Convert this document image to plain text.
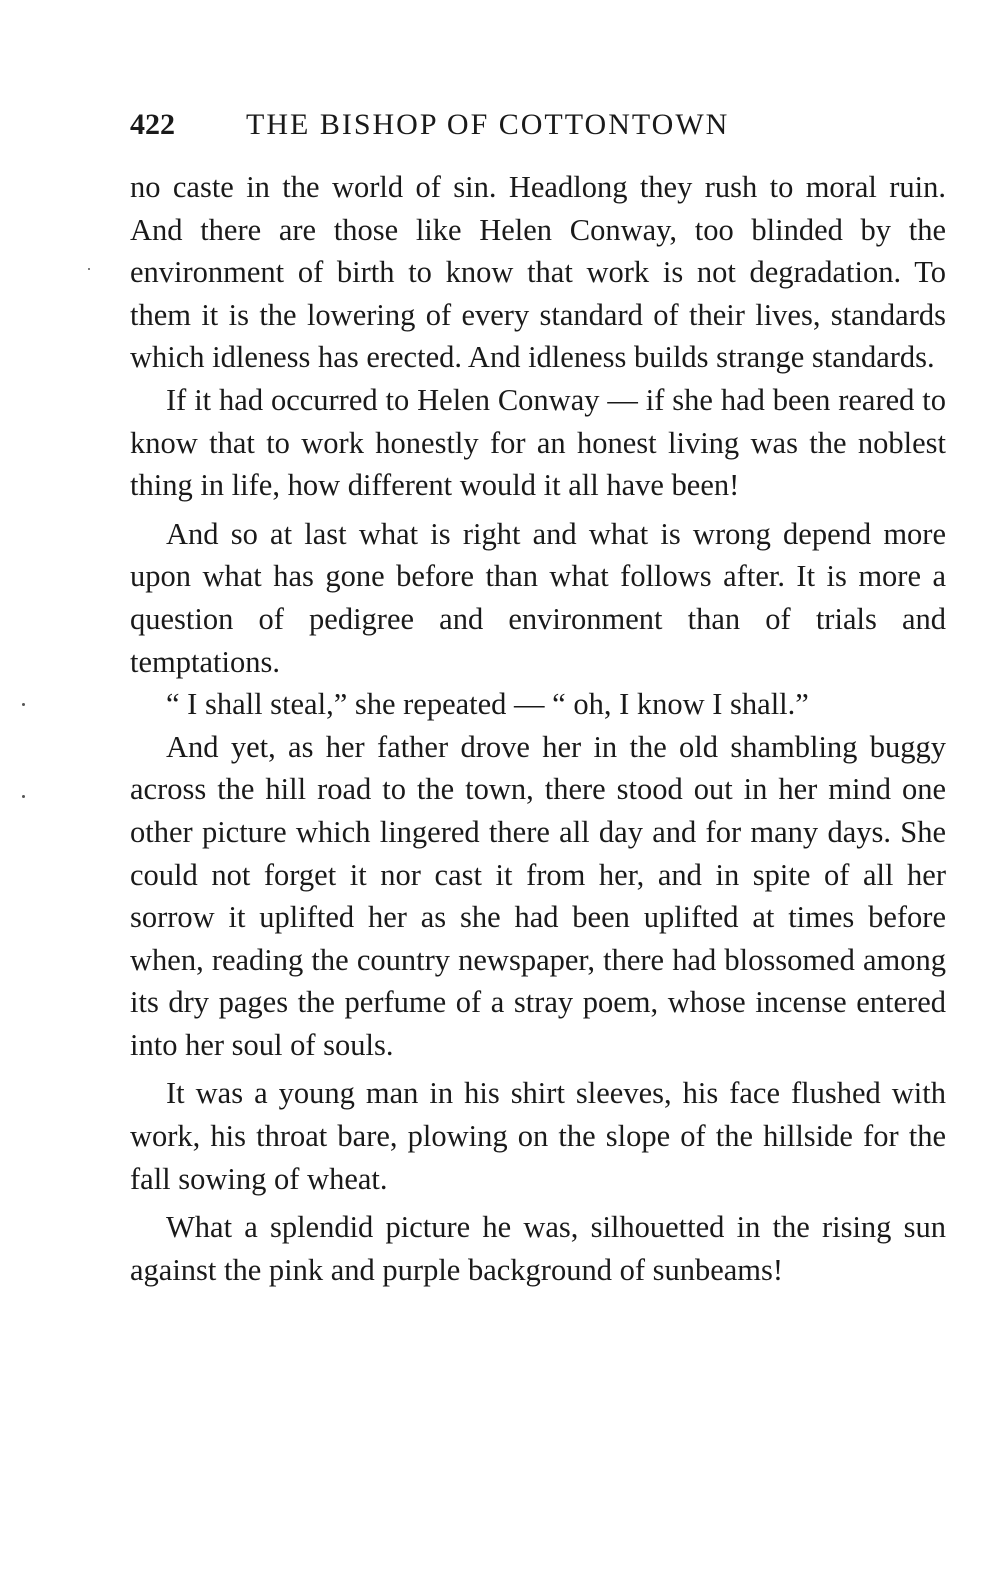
422	THE BISHOP OF COTTONTOWN

no caste in the world of sin. Headlong they rush to moral ruin. And there are those like Helen Conway, too blinded by the environment of birth to know that work is not degradation. To them it is the lowering of every standard of their lives, standards which idleness has erected. And idleness builds strange standards.

If it had occurred to Helen Conway — if she had been reared to know that to work honestly for an honest living was the noblest thing in life, how different would it all have been!

And so at last what is right and what is wrong depend more upon what has gone before than what follows after. It is more a question of pedigree and environment than of trials and temptations.

“ I shall steal,” she repeated — “ oh, I know I shall.”

And yet, as her father drove her in the old shambling buggy across the hill road to the town, there stood out in her mind one other picture which lingered there all day and for many days. She could not forget it nor cast it from her, and in spite of all her sorrow it uplifted her as she had been uplifted at times before when, reading the country newspaper, there had blossomed among its dry pages the perfume of a stray poem, whose incense entered into her soul of souls.

It was a young man in his shirt sleeves, his face flushed with work, his throat bare, plowing on the slope of the hillside for the fall sowing of wheat.

What a splendid picture he was, silhouetted in the rising sun against the pink and purple background of sunbeams!
